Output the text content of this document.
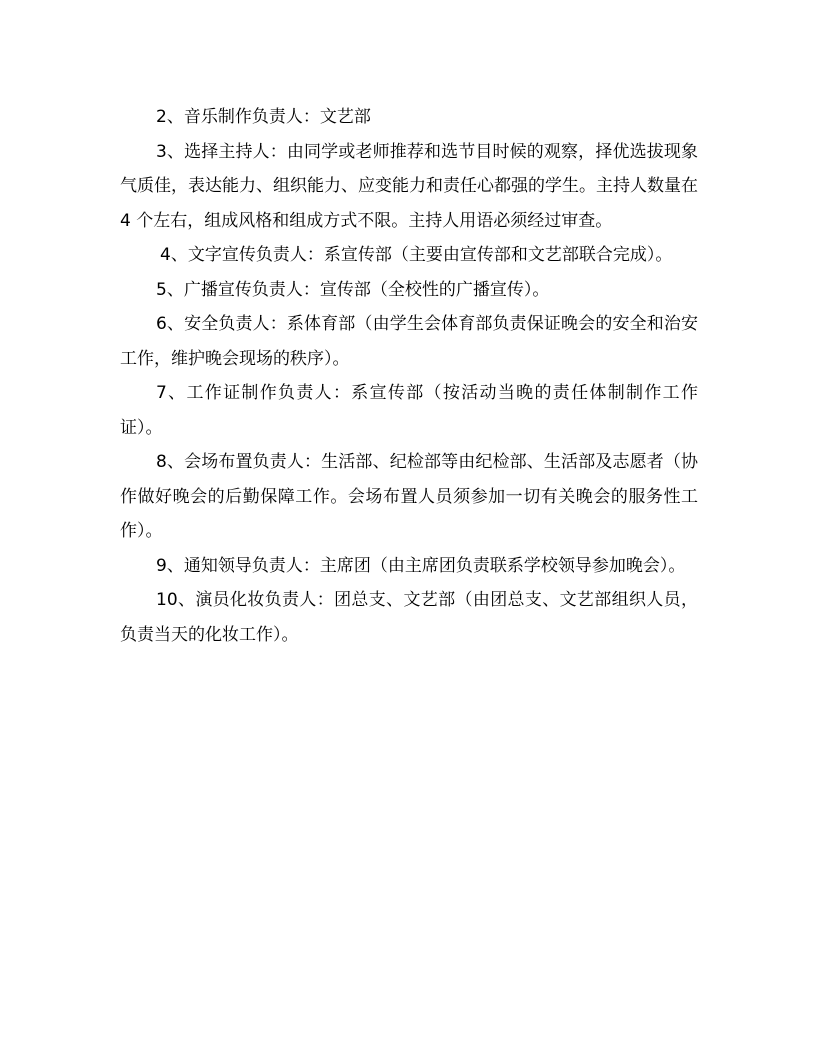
2、音乐制作负责人：文艺部

3、选择主持人：由同学或老师推荐和选节目时候的观察，择优选拔现象气质佳，表达能力、组织能力、应变能力和责任心都强的学生。主持人数量在 4 个左右，组成风格和组成方式不限。主持人用语必须经过审查。

4、文字宣传负责人：系宣传部（主要由宣传部和文艺部联合完成）。

5、广播宣传负责人：宣传部（全校性的广播宣传）。

6、安全负责人：系体育部（由学生会体育部负责保证晚会的安全和治安工作，维护晚会现场的秩序）。

7、工作证制作负责人：系宣传部（按活动当晚的责任体制制作工作证）。

8、会场布置负责人：生活部、纪检部等由纪检部、生活部及志愿者（协作做好晚会的后勤保障工作。会场布置人员须参加一切有关晚会的服务性工作）。

9、通知领导负责人：主席团（由主席团负责联系学校领导参加晚会）。

10、演员化妆负责人：团总支、文艺部（由团总支、文艺部组织人员，负责当天的化妆工作）。
